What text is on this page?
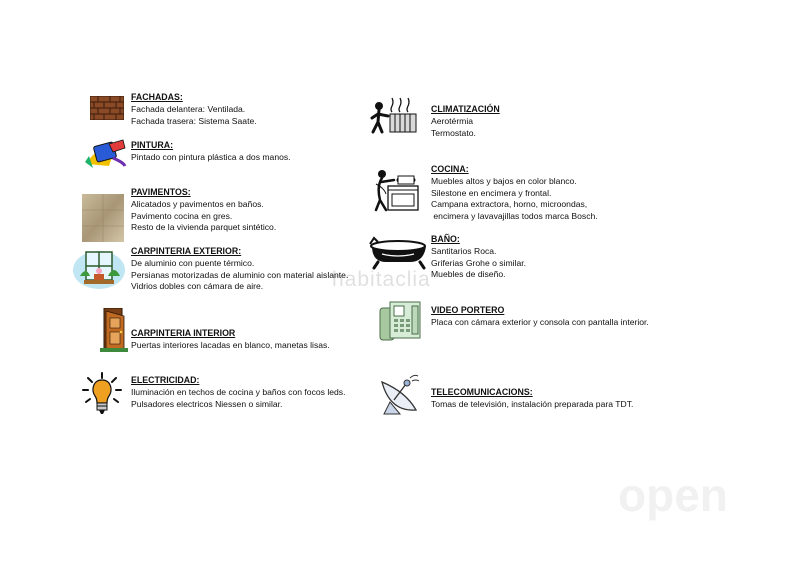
habitaclia
open
FACHADAS:
Fachada delantera: Ventilada.
Fachada trasera: Sistema Saate.
PINTURA:
Pintado con pintura plástica a dos manos.
PAVIMENTOS:
Alicatados y pavimentos en baños.
Pavimento cocina en gres.
Resto de la vivienda parquet sintético.
CARPINTERIA EXTERIOR:
De aluminio con puente térmico.
Persianas motorizadas de aluminio con material aislante.
Vidrios dobles con cámara de aire.
CARPINTERIA INTERIOR
Puertas interiores lacadas en blanco, manetas lisas.
ELECTRICIDAD:
Iluminación en techos de cocina y baños con focos leds.
Pulsadores electricos Niessen o similar.
CLIMATIZACIÓN
Aerotérmia
Termostato.
COCINA:
Muebles altos y bajos en color blanco.
Silestone en encimera y frontal.
Campana extractora, horno, microondas,
encimera y lavavajillas todos marca Bosch.
BAÑO:
Santitarios Roca.
Griferias Grohe o similar.
Muebles de diseño.
VIDEO PORTERO
Placa con cámara exterior y consola con pantalla interior.
TELECOMUNICACIONS:
Tomas de televisión, instalación preparada para TDT.
